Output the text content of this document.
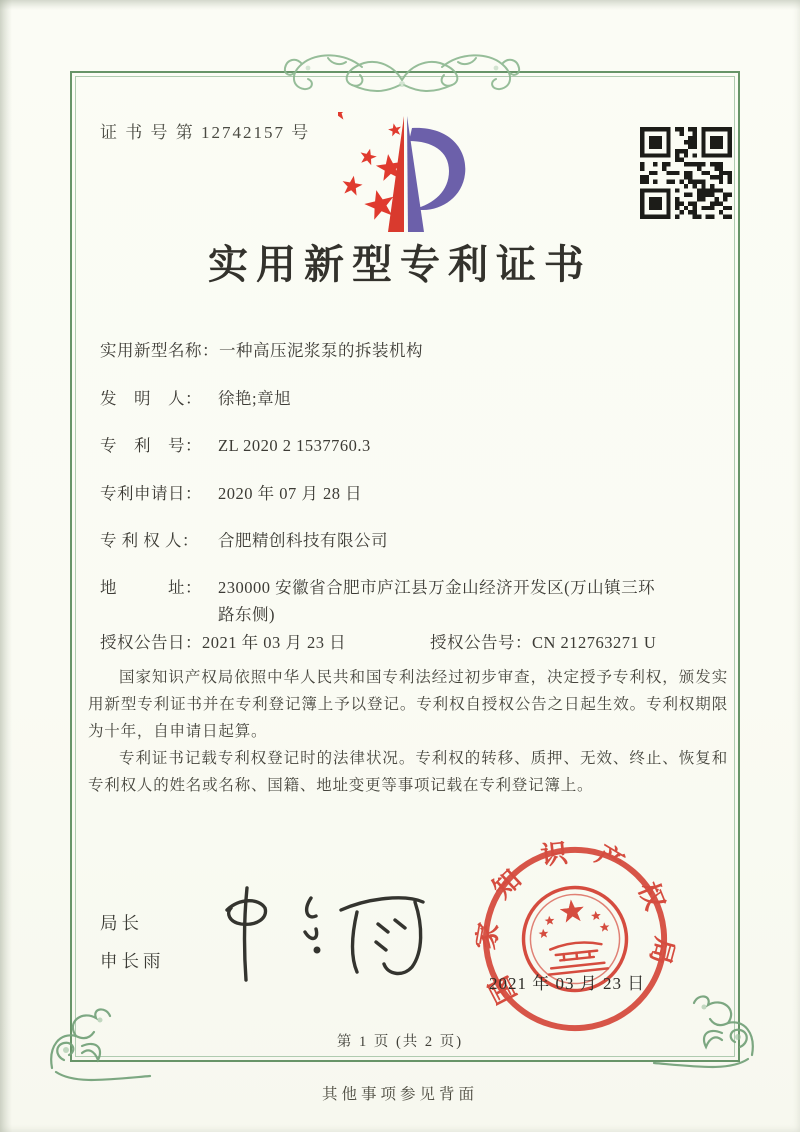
证 书 号 第 12742157 号
实用新型专利证书
实用新型名称： 一种高压泥浆泵的拆装机构
发　明　人： 徐艳;章旭
专　利　号： ZL 2020 2 1537760.3
专利申请日： 2020 年 07 月 28 日
专 利 权 人：	合肥精创科技有限公司
地　　　址： 230000 安徽省合肥市庐江县万金山经济开发区(万山镇三环路东侧)
授权公告日：2021 年 03 月 23 日	授权公告号：CN 212763271 U

国家知识产权局依照中华人民共和国专利法经过初步审查，决定授予专利权，颁发实用新型专利证书并在专利登记簿上予以登记。专利权自授权公告之日起生效。专利权期限为十年，自申请日起算。

专利证书记载专利权登记时的法律状况。专利权的转移、质押、无效、终止、恢复和专利权人的姓名或名称、国籍、地址变更等事项记载在专利登记簿上。

局长
申长雨	国家知识产权局
2021 年 03 月 23 日
第 1 页 (共 2 页)
其他事项参见背面
